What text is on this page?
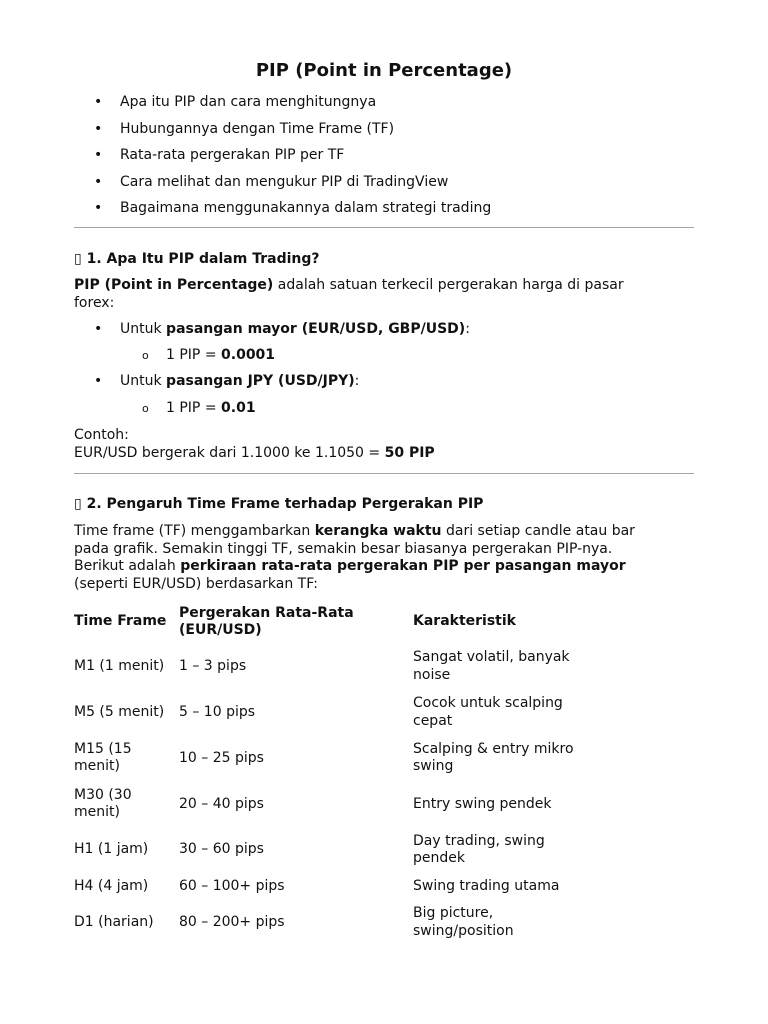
PIP (Point in Percentage)
• Apa itu PIP dan cara menghitungnya
• Hubungannya dengan Time Frame (TF)
• Rata-rata pergerakan PIP per TF
• Cara melihat dan mengukur PIP di TradingView
• Bagaimana menggunakannya dalam strategi trading
▯ 1. Apa Itu PIP dalam Trading?
PIP (Point in Percentage) adalah satuan terkecil pergerakan harga di pasar
forex:
• Untuk pasangan mayor (EUR/USD, GBP/USD):
o 1 PIP = 0.0001
• Untuk pasangan JPY (USD/JPY):
o 1 PIP = 0.01
Contoh:
EUR/USD bergerak dari 1.1000 ke 1.1050 = 50 PIP
▯ 2. Pengaruh Time Frame terhadap Pergerakan PIP
Time frame (TF) menggambarkan kerangka waktu dari setiap candle atau bar
pada grafik. Semakin tinggi TF, semakin besar biasanya pergerakan PIP-nya.
Berikut adalah perkiraan rata-rata pergerakan PIP per pasangan mayor
(seperti EUR/USD) berdasarkan TF:
Time Frame	Pergerakan Rata-Rata (EUR/USD)	Karakteristik
M1 (1 menit)	1 – 3 pips	Sangat volatil, banyak noise

M5 (5 menit)	5 – 10 pips	Cocok untuk scalping cepat

M15 (15 menit)	10 – 25 pips	Scalping & entry mikro swing

M30 (30 menit)	20 – 40 pips	Entry swing pendek

H1 (1 jam)	30 – 60 pips	Day trading, swing pendek

H4 (4 jam)	60 – 100+ pips	Swing trading utama
D1 (harian)	80 – 200+ pips	Big picture, swing/position
